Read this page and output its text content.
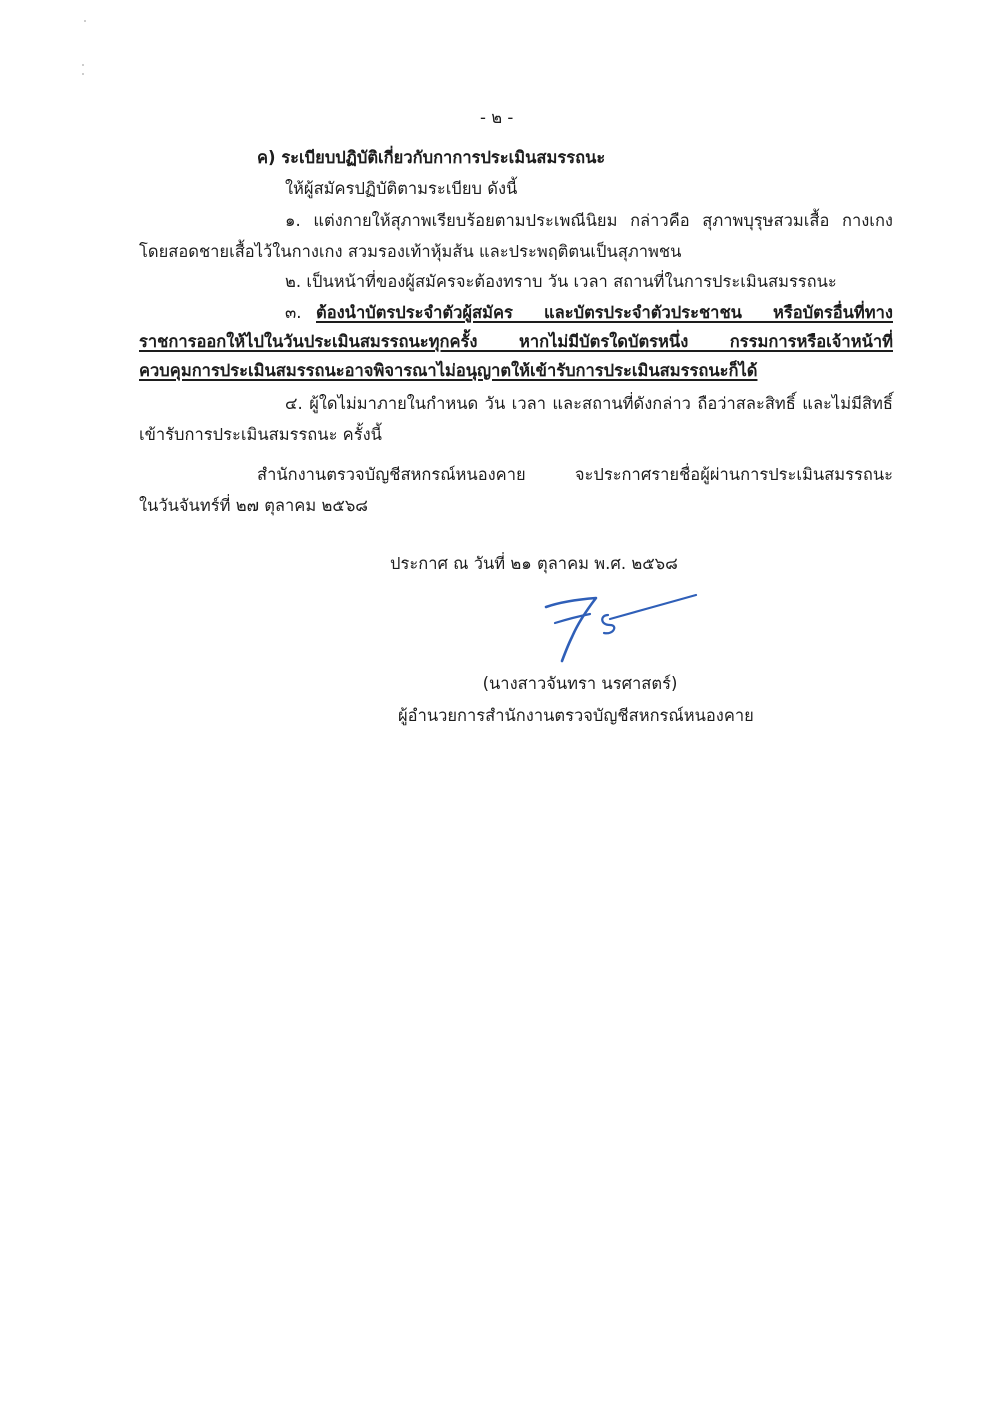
- ๒ -
ค) ระเบียบปฏิบัติเกี่ยวกับกาการประเมินสมรรถนะ
ให้ผู้สมัครปฏิบัติตามระเบียบ ดังนี้
๑. แต่งกายให้สุภาพเรียบร้อยตามประเพณีนิยม กล่าวคือ สุภาพบุรุษสวมเสื้อ กางเกง
โดยสอดชายเสื้อไว้ในกางเกง สวมรองเท้าหุ้มส้น และประพฤติตนเป็นสุภาพชน
๒. เป็นหน้าที่ของผู้สมัครจะต้องทราบ วัน เวลา สถานที่ในการประเมินสมรรถนะ
๓. ต้องนำบัตรประจำตัวผู้สมัคร และบัตรประจำตัวประชาชน หรือบัตรอื่นที่ทาง
ราชการออกให้ไปในวันประเมินสมรรถนะทุกครั้ง หากไม่มีบัตรใดบัตรหนึ่ง กรรมการหรือเจ้าหน้าที่
ควบคุมการประเมินสมรรถนะอาจพิจารณาไม่อนุญาตให้เข้ารับการประเมินสมรรถนะก็ได้
๔. ผู้ใดไม่มาภายในกำหนด วัน เวลา และสถานที่ดังกล่าว ถือว่าสละสิทธิ์ และไม่มีสิทธิ์
เข้ารับการประเมินสมรรถนะ ครั้งนี้
สำนักงานตรวจบัญชีสหกรณ์หนองคาย จะประกาศรายชื่อผู้ผ่านการประเมินสมรรถนะ
ในวันจันทร์ที่ ๒๗ ตุลาคม ๒๕๖๘
ประกาศ ณ วันที่ ๒๑ ตุลาคม พ.ศ. ๒๕๖๘
(นางสาวจันทรา นรศาสตร์)
ผู้อำนวยการสำนักงานตรวจบัญชีสหกรณ์หนองคาย
